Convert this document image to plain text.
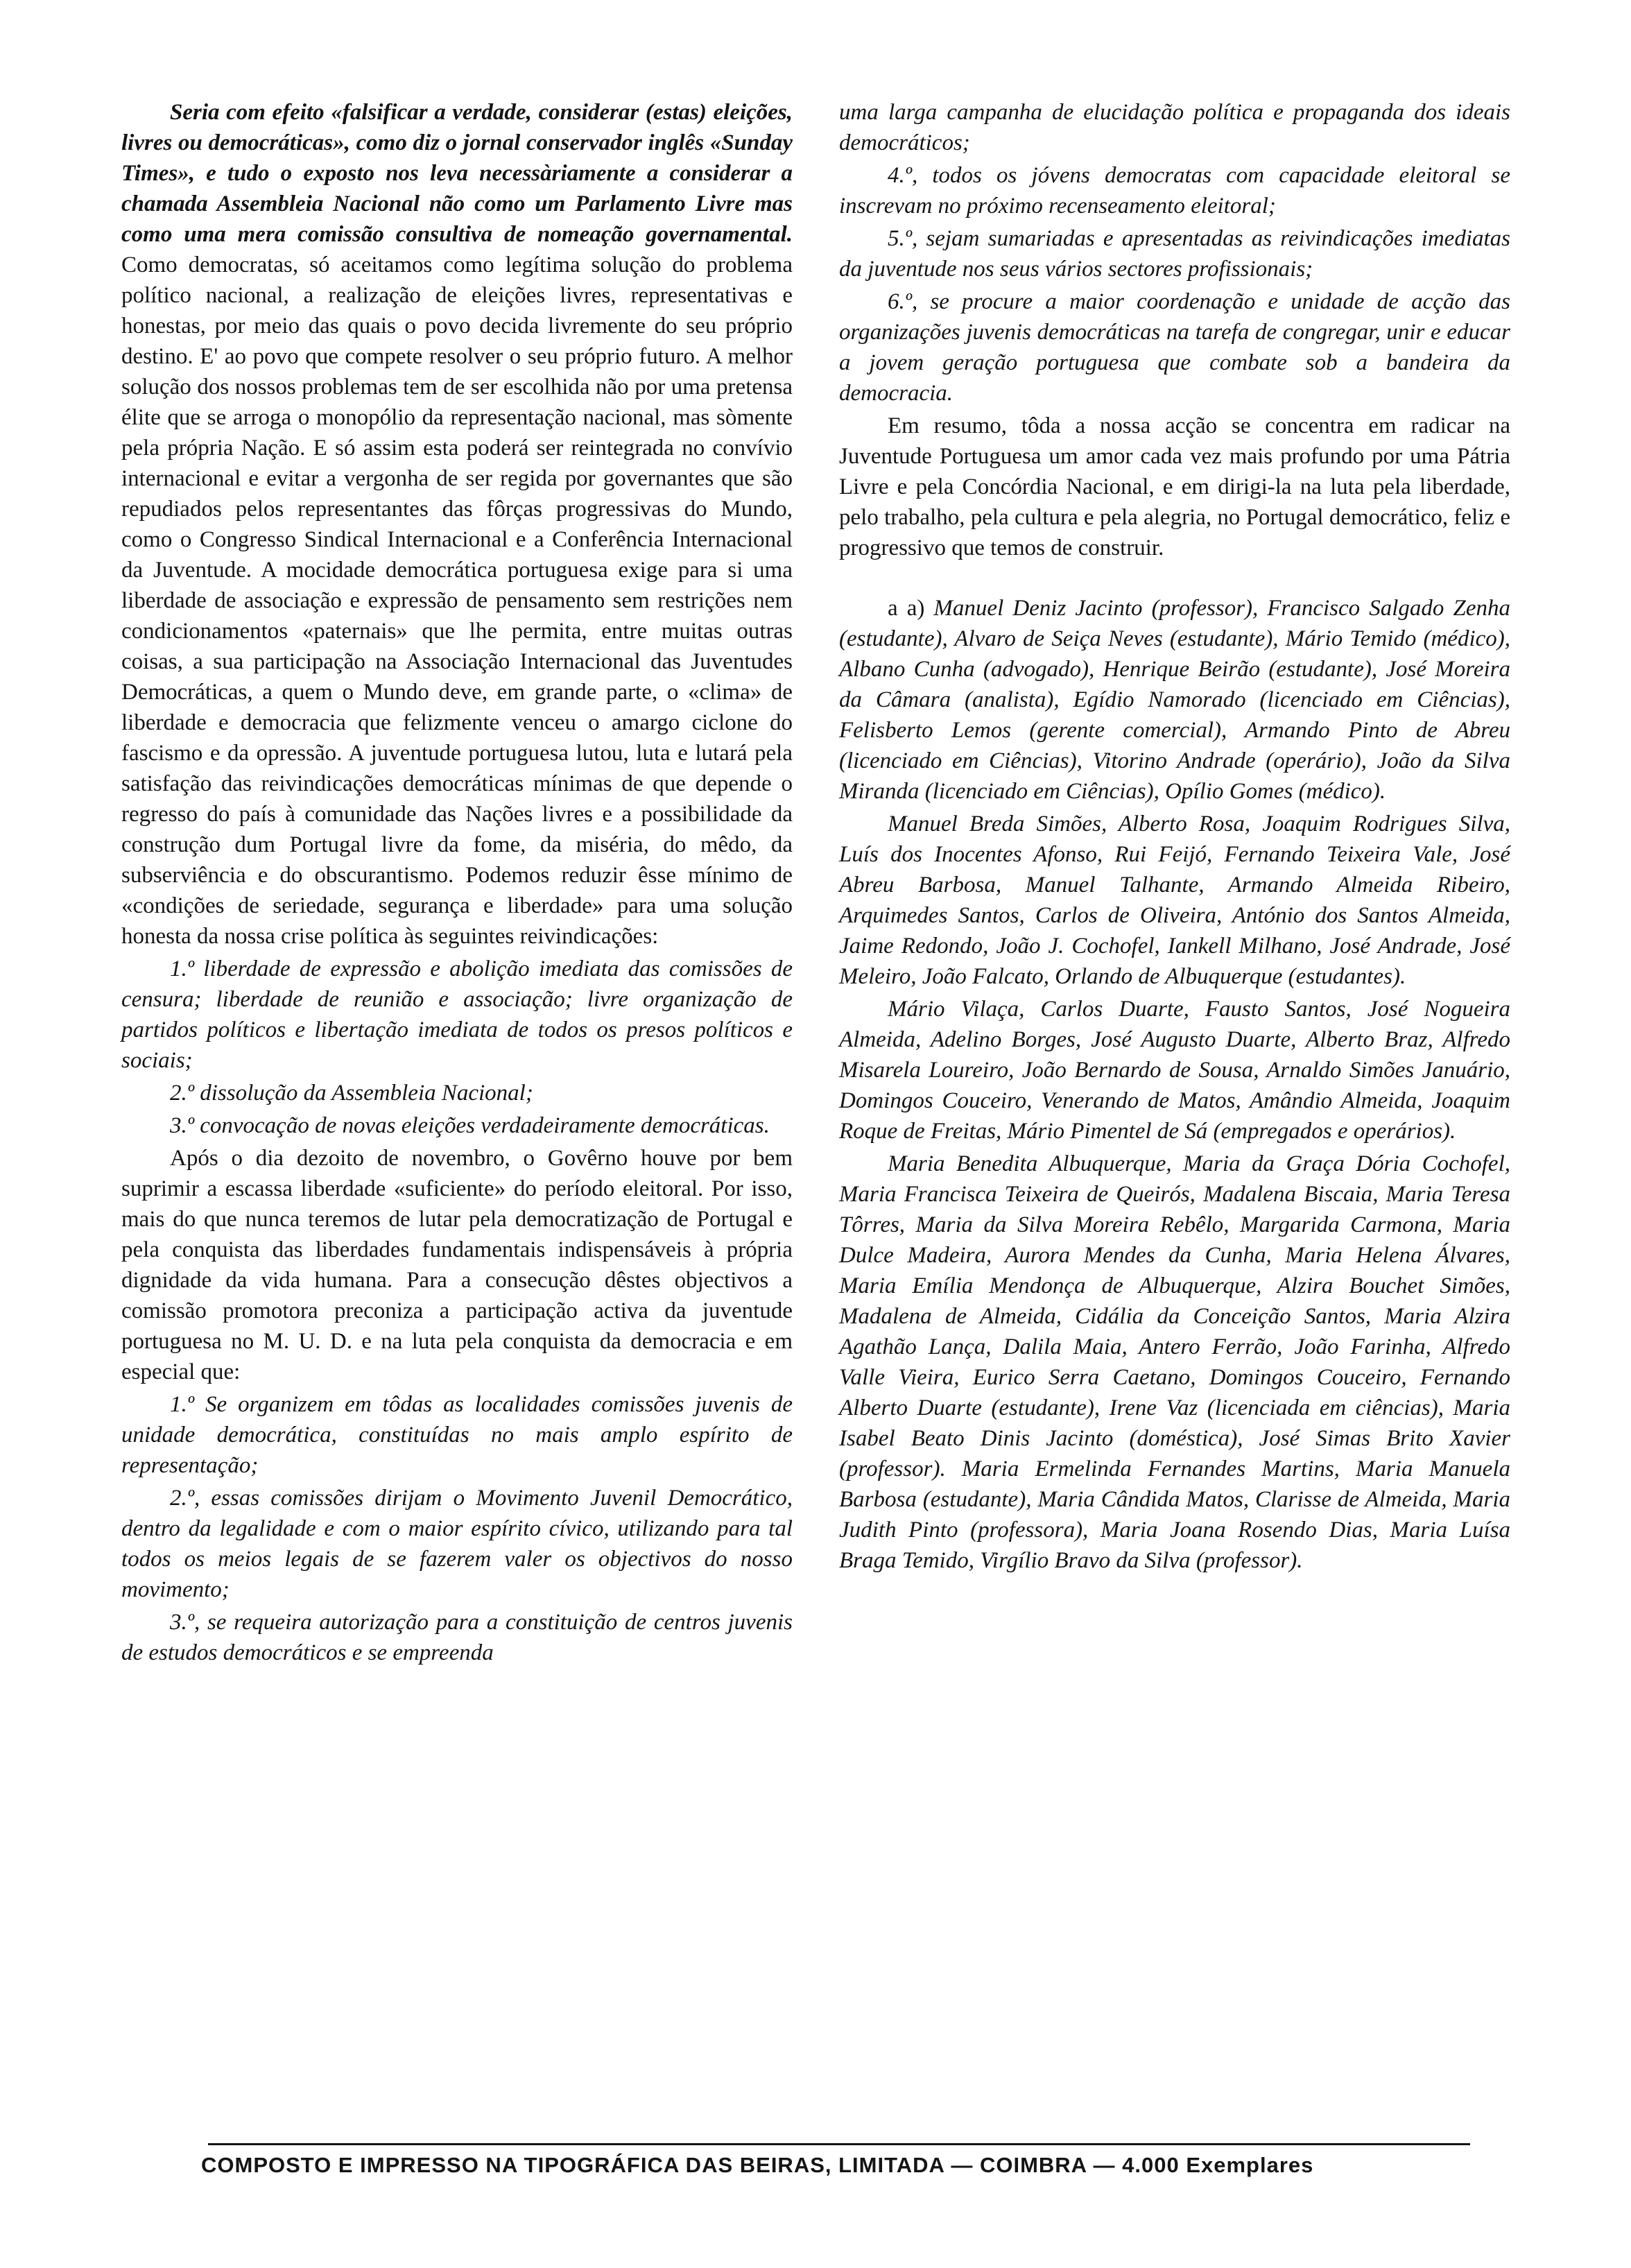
Seria com efeito «falsificar a verdade, considerar (estas) eleições, livres ou democráticas», como diz o jornal conservador inglês «Sunday Times», e tudo o exposto nos leva necessàriamente a considerar a chamada Assembleia Nacional não como um Parlamento Livre mas como uma mera comissão consultiva de nomeação governamental. Como democratas, só aceitamos como legítima solução do problema político nacional, a realização de eleições livres, representativas e honestas, por meio das quais o povo decida livremente do seu próprio destino. E' ao povo que compete resolver o seu próprio futuro. A melhor solução dos nossos problemas tem de ser escolhida não por uma pretensa élite que se arroga o monopólio da representação nacional, mas sòmente pela própria Nação. E só assim esta poderá ser reintegrada no convívio internacional e evitar a vergonha de ser regida por governantes que são repudiados pelos representantes das fôrças progressivas do Mundo, como o Congresso Sindical Internacional e a Conferência Internacional da Juventude. A mocidade democrática portuguesa exige para si uma liberdade de associação e expressão de pensamento sem restrições nem condicionamentos «paternais» que lhe permita, entre muitas outras coisas, a sua participação na Associação Internacional das Juventudes Democráticas, a quem o Mundo deve, em grande parte, o «clima» de liberdade e democracia que felizmente venceu o amargo ciclone do fascismo e da opressão. A juventude portuguesa lutou, luta e lutará pela satisfação das reivindicações democráticas mínimas de que depende o regresso do país à comunidade das Nações livres e a possibilidade da construção dum Portugal livre da fome, da miséria, do mêdo, da subserviência e do obscurantismo. Podemos reduzir êsse mínimo de «condições de seriedade, segurança e liberdade» para uma solução honesta da nossa crise política às seguintes reivindicações:

1.º liberdade de expressão e abolição imediata das comissões de censura; liberdade de reunião e associação; livre organização de partidos políticos e libertação imediata de todos os presos políticos e sociais;

2.º dissolução da Assembleia Nacional;

3.º convocação de novas eleições verdadeiramente democráticas.

Após o dia dezoito de novembro, o Govêrno houve por bem suprimir a escassa liberdade «suficiente» do período eleitoral. Por isso, mais do que nunca teremos de lutar pela democratização de Portugal e pela conquista das liberdades fundamentais indispensáveis à própria dignidade da vida humana. Para a consecução dêstes objectivos a comissão promotora preconiza a participação activa da juventude portuguesa no M. U. D. e na luta pela conquista da democracia e em especial que:

1.º Se organizem em tôdas as localidades comissões juvenis de unidade democrática, constituídas no mais amplo espírito de representação;

2.º, essas comissões dirijam o Movimento Juvenil Democrático, dentro da legalidade e com o maior espírito cívico, utilizando para tal todos os meios legais de se fazerem valer os objectivos do nosso movimento;

3.º, se requeira autorização para a constituição de centros juvenis de estudos democráticos e se empreenda

uma larga campanha de elucidação política e propaganda dos ideais democráticos;

4.º, todos os jóvens democratas com capacidade eleitoral se inscrevam no próximo recenseamento eleitoral;

5.º, sejam sumariadas e apresentadas as reivindicações imediatas da juventude nos seus vários sectores profissionais;

6.º, se procure a maior coordenação e unidade de acção das organizações juvenis democráticas na tarefa de congregar, unir e educar a jovem geração portuguesa que combate sob a bandeira da democracia.

Em resumo, tôda a nossa acção se concentra em radicar na Juventude Portuguesa um amor cada vez mais profundo por uma Pátria Livre e pela Concórdia Nacional, e em dirigi-la na luta pela liberdade, pelo trabalho, pela cultura e pela alegria, no Portugal democrático, feliz e progressivo que temos de construir.

a a) Manuel Deniz Jacinto (professor), Francisco Salgado Zenha (estudante), Alvaro de Seiça Neves (estudante), Mário Temido (médico), Albano Cunha (advogado), Henrique Beirão (estudante), José Moreira da Câmara (analista), Egídio Namorado (licenciado em Ciências), Felisberto Lemos (gerente comercial), Armando Pinto de Abreu (licenciado em Ciências), Vitorino Andrade (operário), João da Silva Miranda (licenciado em Ciências), Opílio Gomes (médico).

Manuel Breda Simões, Alberto Rosa, Joaquim Rodrigues Silva, Luís dos Inocentes Afonso, Rui Feijó, Fernando Teixeira Vale, José Abreu Barbosa, Manuel Talhante, Armando Almeida Ribeiro, Arquimedes Santos, Carlos de Oliveira, António dos Santos Almeida, Jaime Redondo, João J. Cochofel, Iankell Milhano, José Andrade, José Meleiro, João Falcato, Orlando de Albuquerque (estudantes).

Mário Vilaça, Carlos Duarte, Fausto Santos, José Nogueira Almeida, Adelino Borges, José Augusto Duarte, Alberto Braz, Alfredo Misarela Loureiro, João Bernardo de Sousa, Arnaldo Simões Januário, Domingos Couceiro, Venerando de Matos, Amândio Almeida, Joaquim Roque de Freitas, Mário Pimentel de Sá (empregados e operários).

Maria Benedita Albuquerque, Maria da Graça Dória Cochofel, Maria Francisca Teixeira de Queirós, Madalena Biscaia, Maria Teresa Tôrres, Maria da Silva Moreira Rebêlo, Margarida Carmona, Maria Dulce Madeira, Aurora Mendes da Cunha, Maria Helena Álvares, Maria Emília Mendonça de Albuquerque, Alzira Bouchet Simões, Madalena de Almeida, Cidália da Conceição Santos, Maria Alzira Agathão Lança, Dalila Maia, Antero Ferrão, João Farinha, Alfredo Valle Vieira, Eurico Serra Caetano, Domingos Couceiro, Fernando Alberto Duarte (estudante), Irene Vaz (licenciada em ciências), Maria Isabel Beato Dinis Jacinto (doméstica), José Simas Brito Xavier (professor). Maria Ermelinda Fernandes Martins, Maria Manuela Barbosa (estudante), Maria Cândida Matos, Clarisse de Almeida, Maria Judith Pinto (professora), Maria Joana Rosendo Dias, Maria Luísa Braga Temido, Virgílio Bravo da Silva (professor).

COMPOSTO E IMPRESSO NA TIPOGRÁFICA DAS BEIRAS, LIMITADA — COIMBRA — 4.000 Exemplares
